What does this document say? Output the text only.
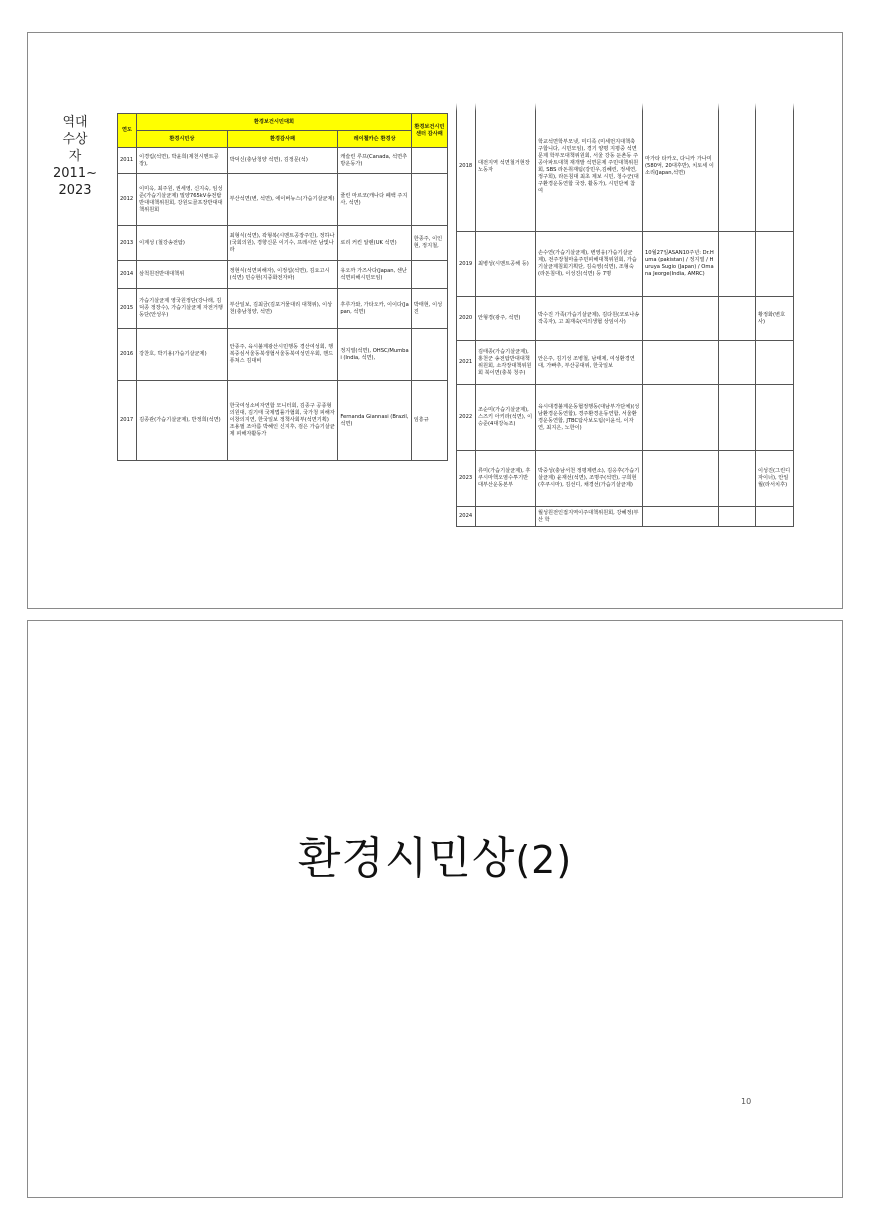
역대
수상
자
2011~
2023
연도	환경보건시민대회			환경보건시민센터 감사패
	환경시민상	환경감사패	레이첼카슨 환경상	
2011	이경림(석면), 박윤희(제천시멘트공장),	박덕신(충남청양 석면), 김정문(석)	캐슬린 루프(Canada, 석면추방운동가)	
2012	이미옥, 최주원, 권세영, 신지숙, 임성준(가습기살균제) 밀양765kV송전탑반대대책위원회, 강원도골프장반대대책위원회	부산석면(변, 석면), 에이버뉴스(가습기살균제)	줄린 마르코(캐나다 폐백 주지사, 석면)	
2013	이계성 (철강송전탑)	최형식(석면), 곽형복(시멘트공장주민), 정하나(국회의원), 경향신문 이기수, 프레시안 남빛나라	로리 커킨 알렌(UK 석면)	한종주, 이인현, 정지철,
2014	삼척원전반대대책위	정현식(석면피해자), 이정섭(석면), 김요고시(석면) 민승현(지중화전자파)	유오까 가즈사다(Japan, 센난석면피해시민모임)	
2015	가습기살균제 영국원정단(강나래, 김덕종 정장수), 가습기살균제 자전거행동단(안성우)	부산일보, 김최금(김포거물대리 대책위), 이상천(충남청양, 석면)	후루가와, 가타오카, 이이다(Japan, 석면)	박태현, 이성진
2016	강찬호, 박기용(가습기살균제)	안종주, 육시불계광산시민행동 경산여성회, 행복중심서울동북생협서울동북여성민우회, 핸드퓨쳐스 김대비	정지열(석면), OHSC/Mumbai (India, 석면),	
2017	김종관(가습기살균제), 반정희(석면)	한국여성소비자연합 모니터회, 김종구 공종형의원대, 김기태 국제법률가협회, 국가청 피해자 이창의지연, 한국일보 정책사회부(석면기획) 조용필 조아름 박혜인 신지후, 검은 가습기살균제 피해자활동가	Fernanda Giannasi (Brazil, 석면)	임흥규
2018	대전지역 석면철거현장 노동자	학교석면학부모넷, 미디족 (미세먼지대책축구합니다, 시민모임), 경기 양평 지평중 석면문제 학부모대책위원회, 서울 강동 둔촌동 주공아파트대책 재개발 석면문제 주민대책위원회, SBS 라돈취재팀(강민우,김혜린, 정세연, 정구희), 라돈침대 최초 제보 시민, 청수군(대구환경운동연합 국장, 활동가), 시민단체 참여	마가타 타카오, 다니카 가나미(580억, 20대후반), 치토세 이소리(Japan,석면)		
2019	최병성(시멘트공해 등)	손수연(가습기살균제), 변영웅(가습기살균제), 전주장철마을주민피해대책위원회, 가습기살균제침회기획단, 김숙영(석면), 조형숙(라돈침대), 이성진(석면) 등 7명	10월27일ASAN10주년: Dr.Huma (pakistan) / 정지열 / Huruya Sugio (Japan) / Omana Jeorge(India, AMRC)		
2020	안형경(광주, 석면)	박수진 가족(가습기살균제), 김다원(코로나송 작곡자), 고 최재숙(여의생협 상임이사)			황정화(변호사)
2021	김태종(가습기살균제), 홍천군 송전탑반대대책위원회, 소각장대책위원회 북이면(충북 청주)	안은주, 김기성 조병철, 남태제, 여성환경연대, 가빠추, 부산공대위, 한국일보			
2022	조순미(가습기살균제), 스즈키 아키라(석면), 이승준(4대강녹조)	육시대경불계운동협정행동(대남부가단체)(성남환경운동연합), 경주환경운동연합, 서울환경운동연합, JTBC탐사보도팀(이윤석, 이자연, 최지은, 노한이)			
2023	류미(가습기살균제), 후쿠시마핵오염수투기반대부산운동본부	박중성(충남서천 정평제련소), 김응후(가습기살균제) 윤재선(석면), 조명주(석면), 구희현(후쿠시마), 김선디, 채경선(가습기살균제)			이성진(그린디자이너), 안일월(라서치후)
2024		월성원전인접지역이주대책위원회, 강혜정(부산 학			
환경시민상(2)
10
